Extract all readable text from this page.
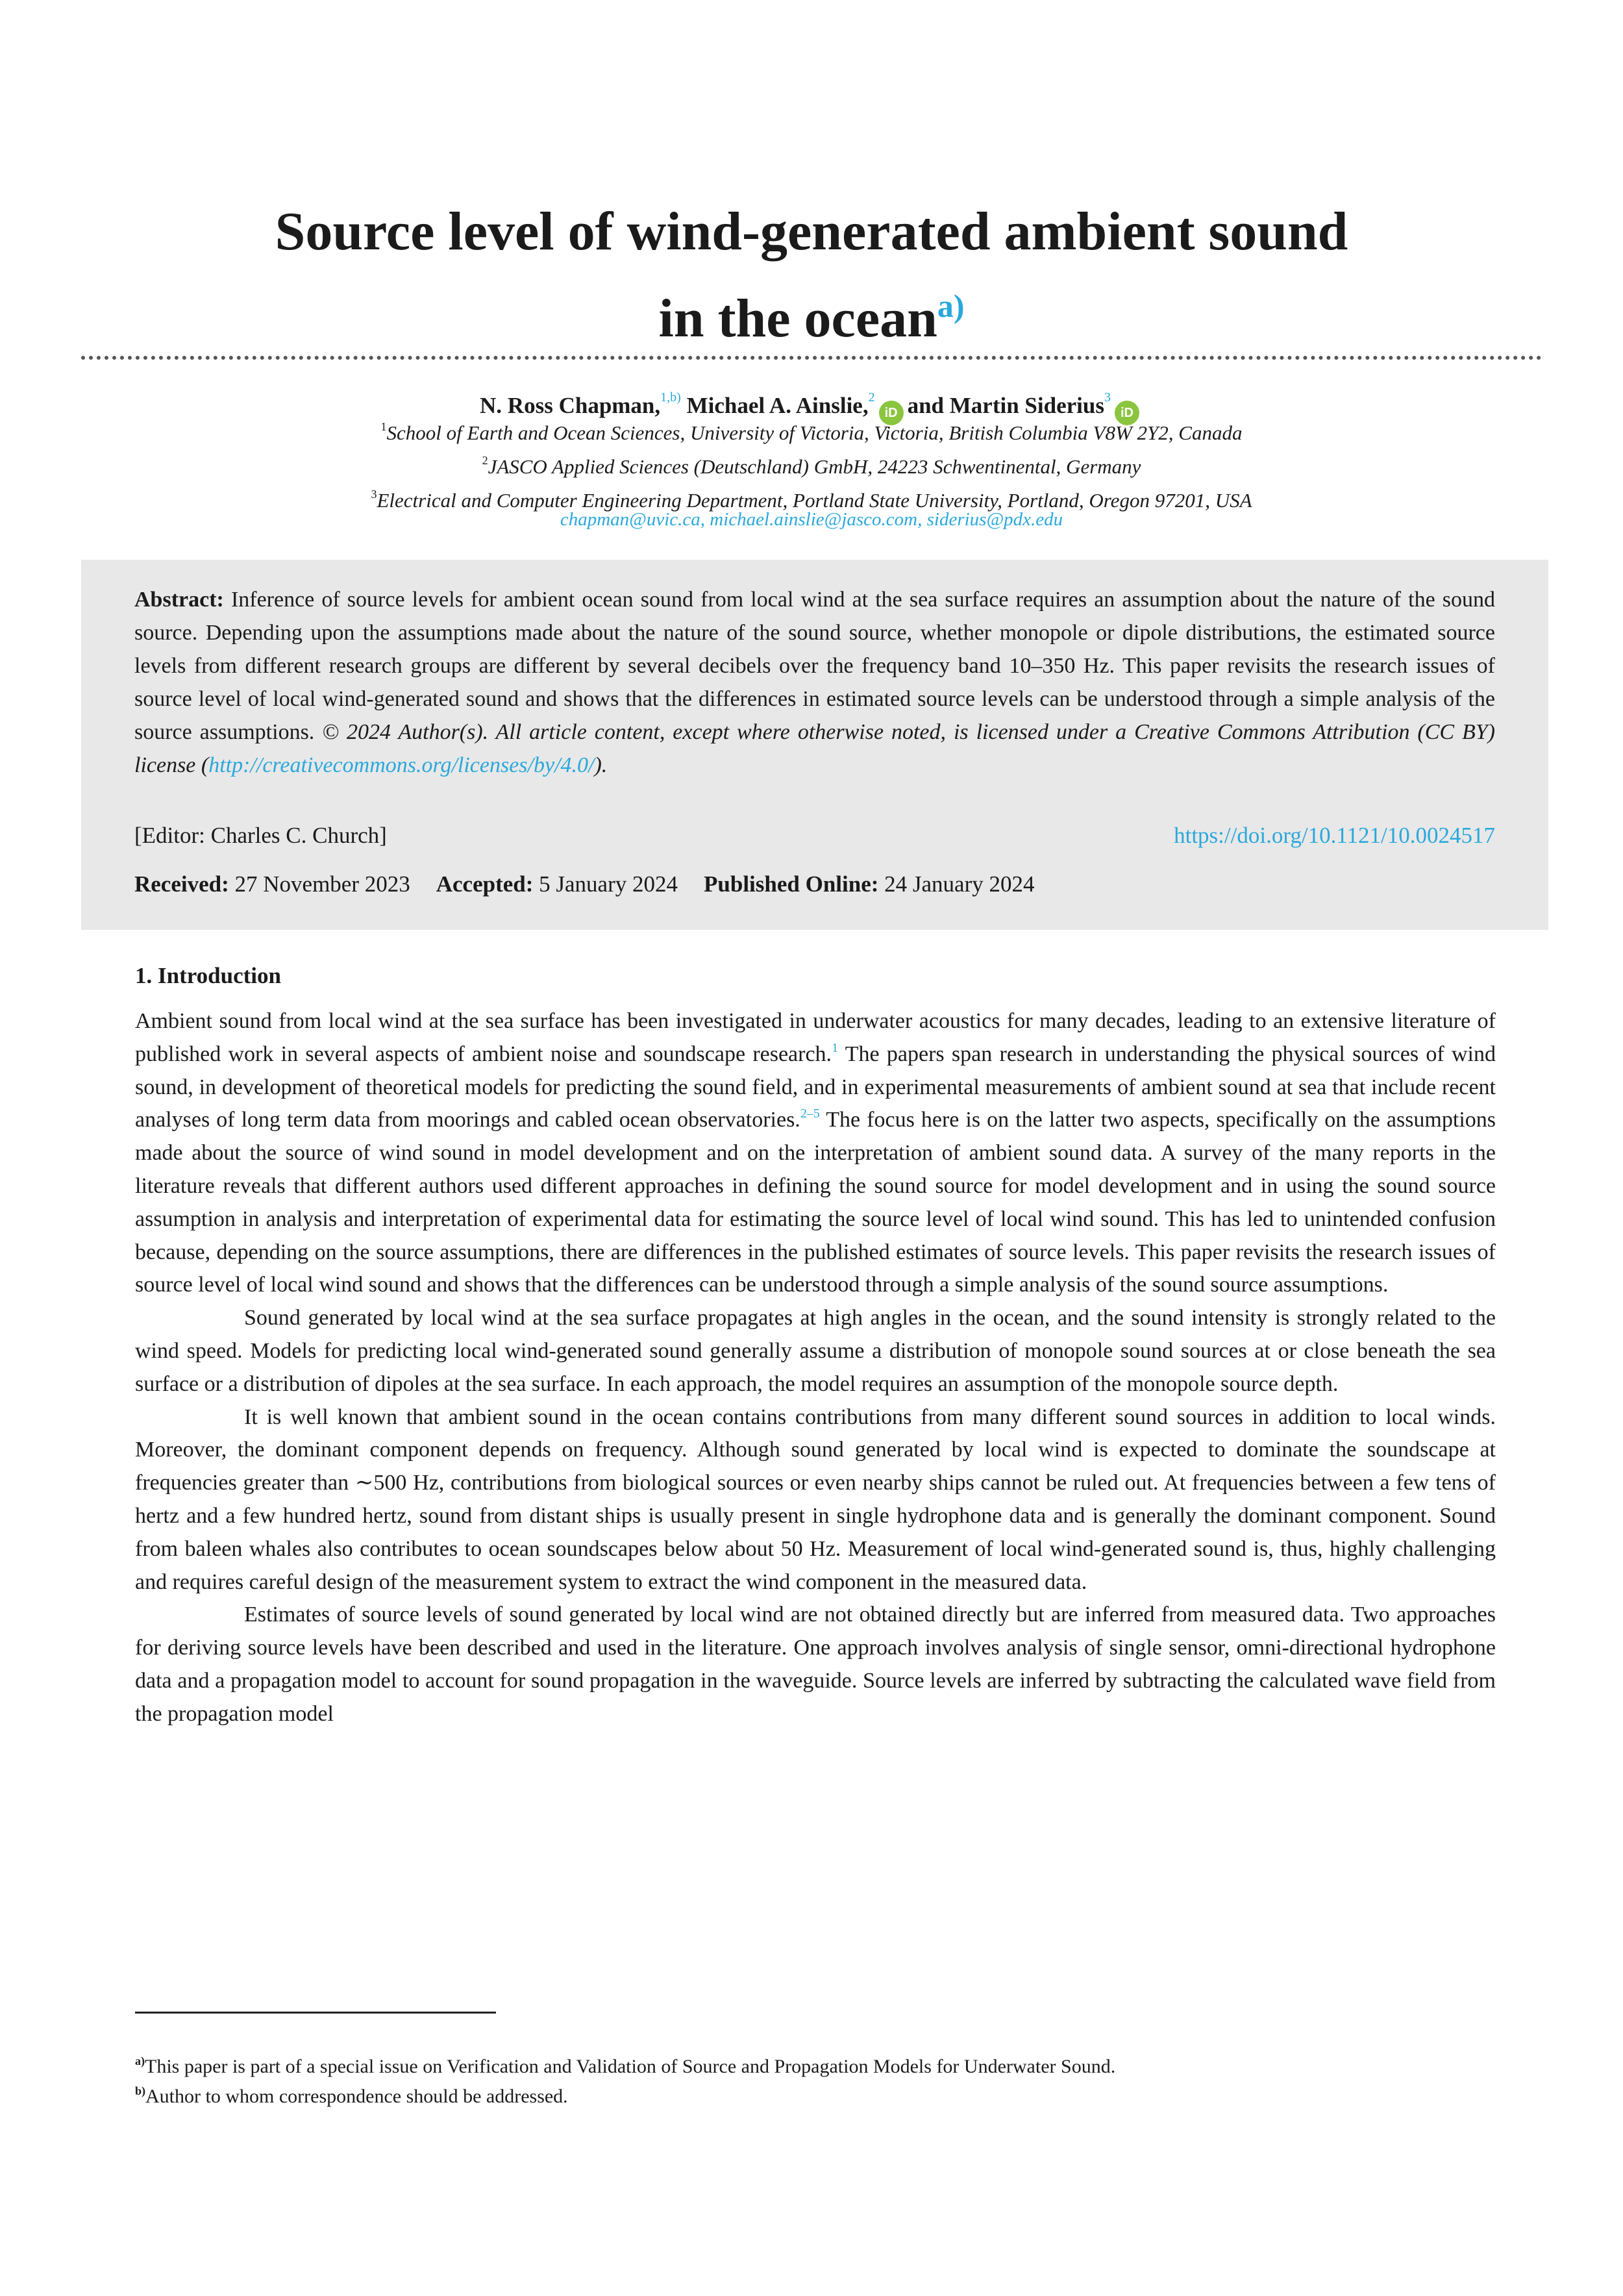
Source level of wind-generated ambient sound
in the ocean$^{a)}$
N. Ross Chapman,$^{1,b)}$ Michael A. Ainslie,$^2$iD and Martin Siderius$^3$iD
$^1$School of Earth and Ocean Sciences, University of Victoria, Victoria, British Columbia V8W 2Y2, Canada
$^2$JASCO Applied Sciences (Deutschland) GmbH, 24223 Schwentinental, Germany
$^3$Electrical and Computer Engineering Department, Portland State University, Portland, Oregon 97201, USA
chapman@uvic.ca, michael.ainslie@jasco.com, siderius@pdx.edu

Abstract: Inference of source levels for ambient ocean sound from local wind at the sea surface requires an assumption about the nature of the sound source. Depending upon the assumptions made about the nature of the sound source, whether monopole or dipole distributions, the estimated source levels from different research groups are different by several decibels over the frequency band 10–350 Hz. This paper revisits the research issues of source level of local wind-generated sound and shows that the differences in estimated source levels can be understood through a simple analysis of the source assumptions. © 2024 Author(s). All article content, except where otherwise noted, is licensed under a Creative Commons Attribution (CC BY) license (http://creativecommons.org/licenses/by/4.0/).

[Editor: Charles C. Church]	https://doi.org/10.1121/10.0024517
Received: 27 November 2023 Accepted: 5 January 2024 Published Online: 24 January 2024
1. Introduction

Ambient sound from local wind at the sea surface has been investigated in underwater acoustics for many decades, leading to an extensive literature of published work in several aspects of ambient noise and soundscape research.$^1$ The papers span research in understanding the physical sources of wind sound, in development of theoretical models for predicting the sound field, and in experimental measurements of ambient sound at sea that include recent analyses of long term data from moorings and cabled ocean observatories.$^{2-5}$ The focus here is on the latter two aspects, specifically on the assumptions made about the source of wind sound in model development and on the interpretation of ambient sound data. A survey of the many reports in the literature reveals that different authors used different approaches in defining the sound source for model development and in using the sound source assumption in analysis and interpretation of experimental data for estimating the source level of local wind sound. This has led to unintended confusion because, depending on the source assumptions, there are differences in the published estimates of source levels. This paper revisits the research issues of source level of local wind sound and shows that the differences can be understood through a simple analysis of the sound source assumptions.

Sound generated by local wind at the sea surface propagates at high angles in the ocean, and the sound intensity is strongly related to the wind speed. Models for predicting local wind-generated sound generally assume a distribution of monopole sound sources at or close beneath the sea surface or a distribution of dipoles at the sea surface. In each approach, the model requires an assumption of the monopole source depth.

It is well known that ambient sound in the ocean contains contributions from many different sound sources in addition to local winds. Moreover, the dominant component depends on frequency. Although sound generated by local wind is expected to dominate the soundscape at frequencies greater than ∼500 Hz, contributions from biological sources or even nearby ships cannot be ruled out. At frequencies between a few tens of hertz and a few hundred hertz, sound from distant ships is usually present in single hydrophone data and is generally the dominant component. Sound from baleen whales also contributes to ocean soundscapes below about 50 Hz. Measurement of local wind-generated sound is, thus, highly challenging and requires careful design of the measurement system to extract the wind component in the measured data.

Estimates of source levels of sound generated by local wind are not obtained directly but are inferred from measured data. Two approaches for deriving source levels have been described and used in the literature. One approach involves analysis of single sensor, omni-directional hydrophone data and a propagation model to account for sound propagation in the waveguide. Source levels are inferred by subtracting the calculated wave field from the propagation model

$^{a)}$This paper is part of a special issue on Verification and Validation of Source and Propagation Models for Underwater Sound.
$^{b)}$Author to whom correspondence should be addressed.
